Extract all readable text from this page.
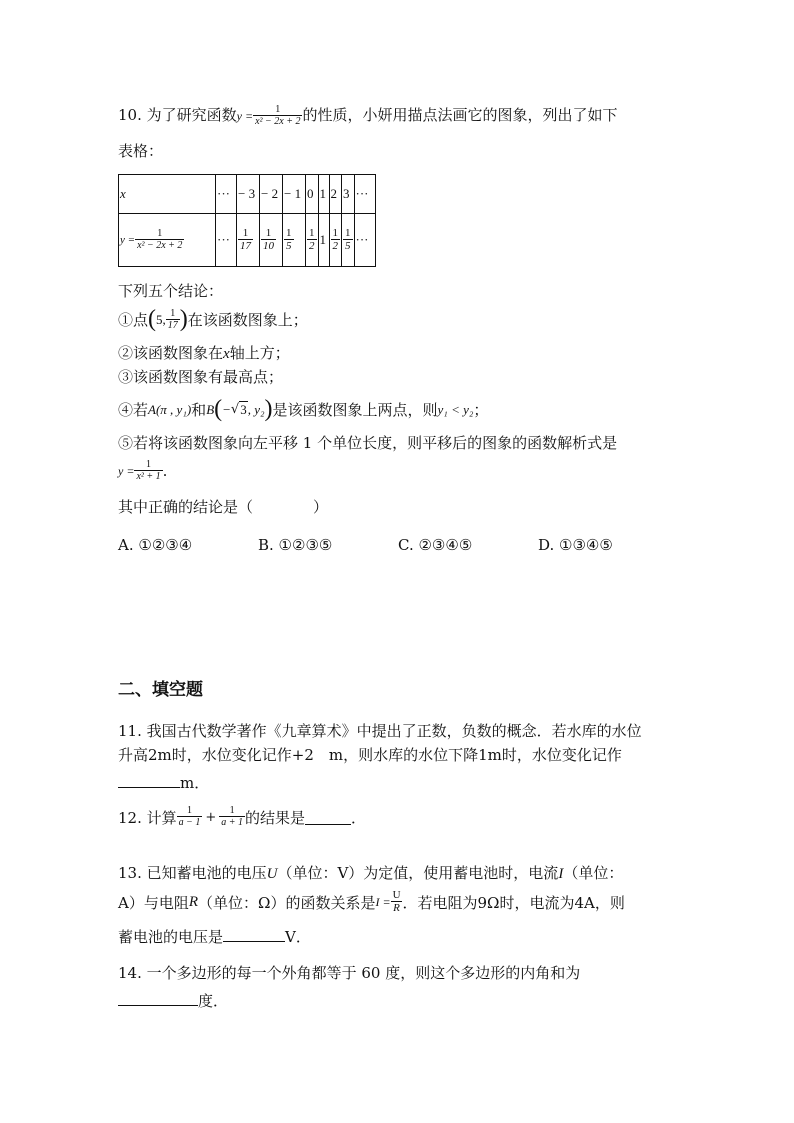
10. 为了研究函数$y = \frac{1}{\text{x² − 2x + 2}}$ 的性质，小妍用描点法画它的图象，列出了如下
表格：
x	···	− 3	− 2	− 1	0	1	2	3	···
$y = \frac{1}{\text{x² − 2x + 2}}$	···	$\frac{1}{17}$	$\frac{1}{10}$	$\frac{1}{5}$	$\frac{1}{2}$	1	$\frac{1}{2}$	$\frac{1}{5}$	···
下列五个结论：
①点 ( 5, $\frac{1}{17}$ ) 在该函数图象上；
②该函数图象在x轴上方；
③该函数图象有最高点；
④若 A(π , y₁) 和 B ( − √ 3 , y₂ ) 是该函数图象上两点，则 y₁ < y₂ ；
⑤若将该函数图象向左平移 1 个单位长度，则平移后的图象的函数解析式是
$y = \frac{1}{\text{x² + 1}}$ .
其中正确的结论是（　　　　）
A. ①②③④	B. ①②③⑤	C. ②③④⑤	D. ①③④⑤
二、填空题
11. 我国古代数学著作《九章算术》中提出了正数，负数的概念．若水库的水位
升高2m时，水位变化记作+2　m，则水库的水位下降1m时，水位变化记作
m．
12. 计算 $\frac{1}{a - 1} + \frac{1}{a + 1}$ 的结果是	．
13. 已知蓄电池的电压U（单位：V）为定值，使用蓄电池时，电流I（单位：
A）与电阻 R （单位：Ω）的函数关系是 $I = \frac{U}{R}$ ．若电阻为9Ω时，电流为4A，则
蓄电池的电压是	V．
14. 一个多边形的每一个外角都等于 60 度，则这个多边形的内角和为
度．
